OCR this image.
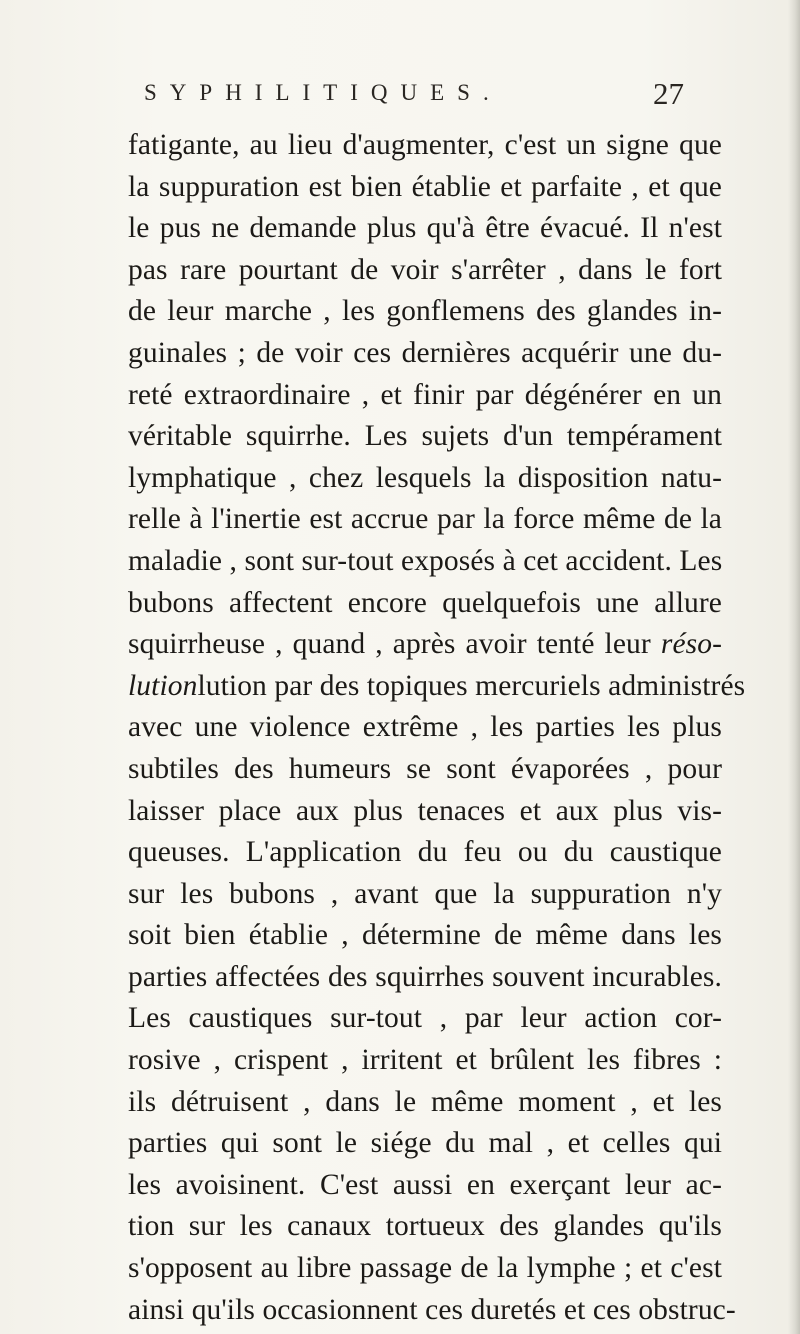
SYPHILITIQUES.	27
fatigante, au lieu d'augmenter, c'est un signe que
la suppuration est bien établie et parfaite , et que
le pus ne demande plus qu'à être évacué. Il n'est
pas rare pourtant de voir s'arrêter , dans le fort
de leur marche , les gonflemens des glandes in-
guinales ; de voir ces dernières acquérir une du-
reté extraordinaire , et finir par dégénérer en un
véritable squirrhe. Les sujets d'un tempérament
lymphatique , chez lesquels la disposition natu-
relle à l'inertie est accrue par la force même de la
maladie , sont sur-tout exposés à cet accident. Les
bubons affectent encore quelquefois une allure
squirrheuse , quand , après avoir tenté leur réso-
lutionlution par des topiques mercuriels administrés
avec une violence extrême , les parties les plus
subtiles des humeurs se sont évaporées , pour
laisser place aux plus tenaces et aux plus vis-
queuses. L'application du feu ou du caustique
sur les bubons , avant que la suppuration n'y
soit bien établie , détermine de même dans les
parties affectées des squirrhes souvent incurables.
Les caustiques sur-tout , par leur action cor-
rosive , crispent , irritent et brûlent les fibres :
ils détruisent , dans le même moment , et les
parties qui sont le siége du mal , et celles qui
les avoisinent. C'est aussi en exerçant leur ac-
tion sur les canaux tortueux des glandes qu'ils
s'opposent au libre passage de la lymphe ; et c'est
ainsi qu'ils occasionnent ces duretés et ces obstruc-
